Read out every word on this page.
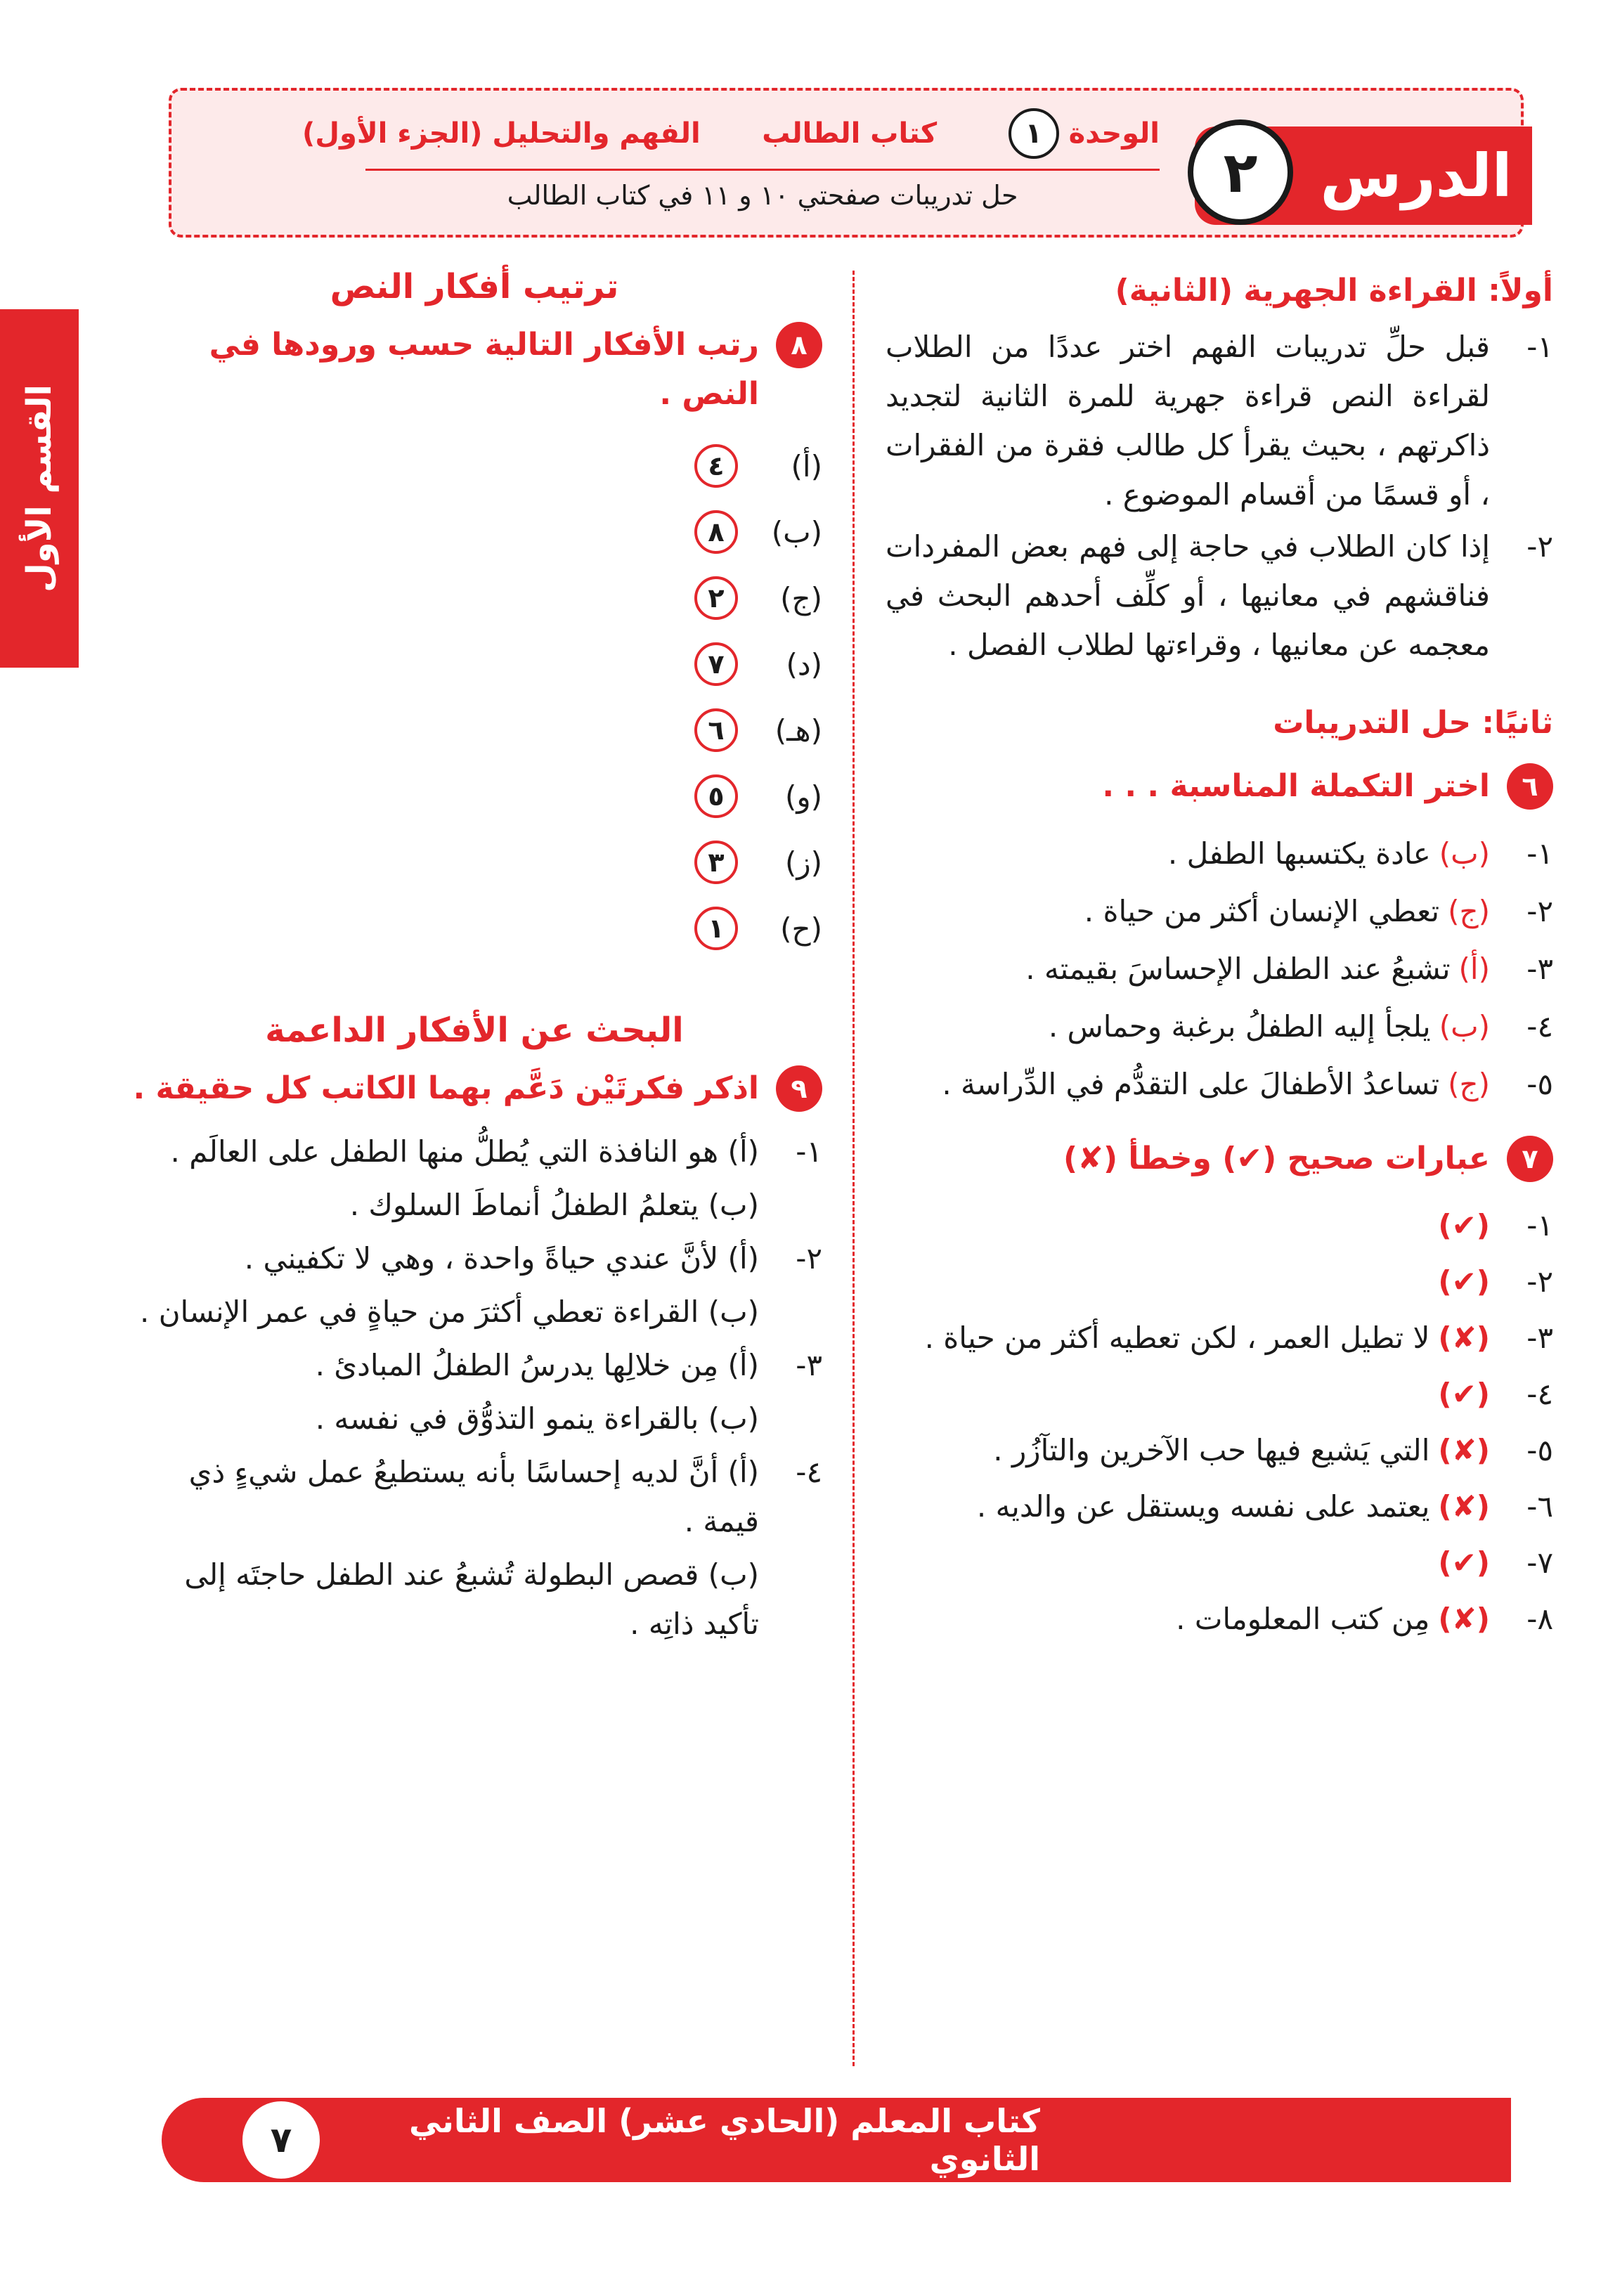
الوحدة
١
كتاب الطالب
الفهم والتحليل (الجزء الأول)
حل تدريبات صفحتي ١٠ و ١١ في كتاب الطالب	الدرس
٢
القسم الأول
أولاً: القراءة الجهرية (الثانية)
١-
قبل حلِّ تدريبات الفهم اختر عددًا من الطلاب لقراءة النص قراءة جهرية للمرة الثانية لتجديد ذاكرتهم ، بحيث يقرأ كل طالب فقرة من الفقرات ، أو قسمًا من أقسام الموضوع .
٢-
إذا كان الطلاب في حاجة إلى فهم بعض المفردات فناقشهم في معانيها ، أو كلِّف أحدهم البحث في معجمه عن معانيها ، وقراءتها لطلاب الفصل .
ثانيًا: حل التدريبات
٦
اختر التكملة المناسبة . . .
١-
(ب)
عادة يكتسبها الطفل .
٢-
(ج)
تعطي الإنسان أكثر من حياة .
٣-
(أ)
تشبعُ عند الطفل الإحساسَ بقيمته .
٤-
(ب)
يلجأ إليه الطفلُ برغبة وحماس .
٥-
(ج)
تساعدُ الأطفالَ على التقدُّم في الدِّراسة .
٧
عبارات صحيح (✔) وخطأ (✘)
١-
(✔)
٢-
(✔)
٣-
(✘)
لا تطيل العمر ، لكن تعطيه أكثر من حياة .
٤-
(✔)
٥-
(✘)
التي يَشيع فيها حب الآخرين والتآزُر .
٦-
(✘)
يعتمد على نفسه ويستقل عن والديه .
٧-
(✔)
٨-
(✘)
مِن كتب المعلومات .
ترتيب أفكار النص
٨
رتب الأفكار التالية حسب ورودها في النص .
(أ)
٤
(ب)
٨
(ج)
٢
(د)
٧
(هـ)
٦
(و)
٥
(ز)
٣
(ح)
١
البحث عن الأفكار الداعمة
٩
اذكر فكرتَيْن دَعَّم بهما الكاتب كل حقيقة .
١-
(أ) هو النافذة التي يُطلُّ منها الطفل على العالَم .
(ب) يتعلمُ الطفلُ أنماطَ السلوك .
٢-
(أ) لأنَّ عندي حياةً واحدة ، وهي لا تكفيني .
(ب) القراءة تعطي أكثرَ من حياةٍ في عمر الإنسان .
٣-
(أ) مِن خلالِها يدرسُ الطفلُ المبادئ .
(ب) بالقراءة ينمو التذوُّق في نفسه .
٤-
(أ) أنَّ لديه إحساسًا بأنه يستطيعُ عمل شيءٍ ذي قيمة .
(ب) قصص البطولة تُشبعُ عند الطفل حاجتَه إلى تأكيد ذاتِه .
كتاب المعلم (الحادي عشر) الصف الثاني الثانوي
٧
